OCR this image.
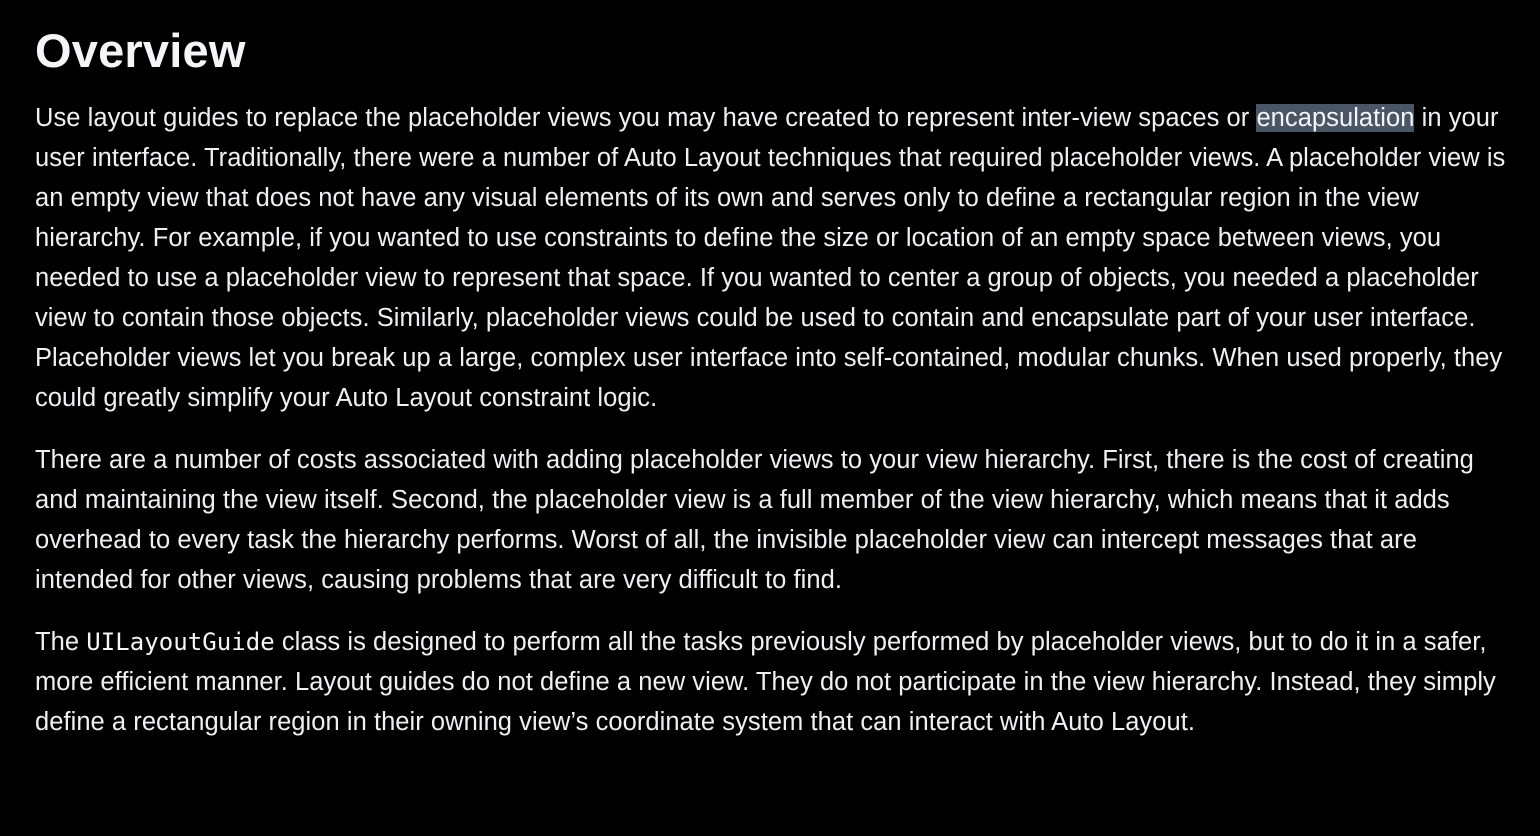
Overview

Use layout guides to replace the placeholder views you may have created to represent inter-view spaces or encapsulation in your user interface. Traditionally, there were a number of Auto Layout techniques that required placeholder views. A placeholder view is an empty view that does not have any visual elements of its own and serves only to define a rectangular region in the view hierarchy. For example, if you wanted to use constraints to define the size or location of an empty space between views, you needed to use a placeholder view to represent that space. If you wanted to center a group of objects, you needed a placeholder view to contain those objects. Similarly, placeholder views could be used to contain and encapsulate part of your user interface. Placeholder views let you break up a large, complex user interface into self-contained, modular chunks. When used properly, they could greatly simplify your Auto Layout constraint logic.

There are a number of costs associated with adding placeholder views to your view hierarchy. First, there is the cost of creating and maintaining the view itself. Second, the placeholder view is a full member of the view hierarchy, which means that it adds overhead to every task the hierarchy performs. Worst of all, the invisible placeholder view can intercept messages that are intended for other views, causing problems that are very difficult to find.

The UILayoutGuide class is designed to perform all the tasks previously performed by placeholder views, but to do it in a safer, more efficient manner. Layout guides do not define a new view. They do not participate in the view hierarchy. Instead, they simply define a rectangular region in their owning view’s coordinate system that can interact with Auto Layout.
